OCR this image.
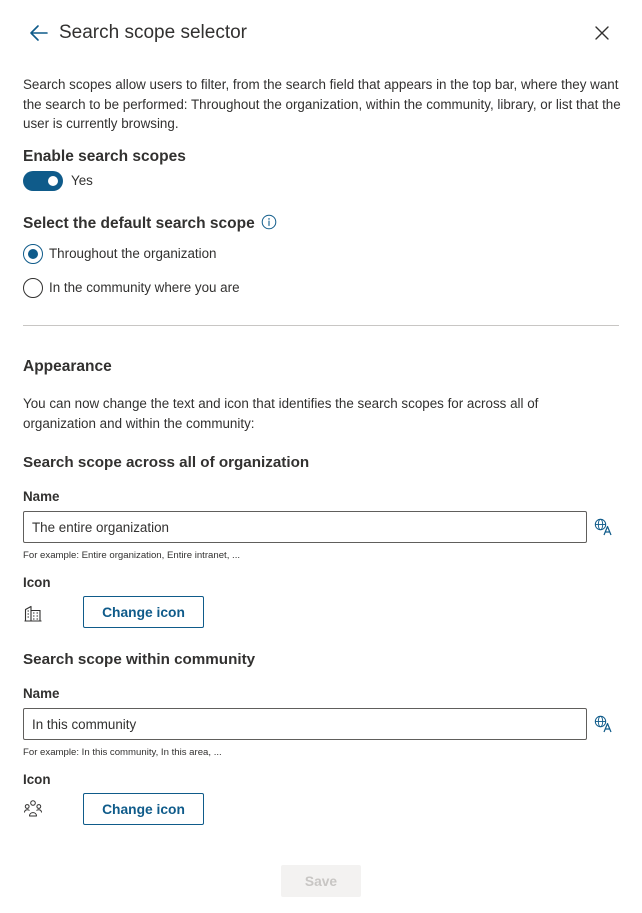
Search scope selector
Search scopes allow users to filter, from the search field that appears in the top bar, where they want the search to be performed: Throughout the organization, within the community, library, or list that the user is currently browsing.
Enable search scopes
Yes
Select the default search scope
Throughout the organization
In the community where you are
Appearance
You can now change the text and icon that identifies the search scopes for across all of organization and within the community:
Search scope across all of organization
Name
The entire organization
For example: Entire organization, Entire intranet, ...
Icon
Change icon
Search scope within community
Name
In this community
For example: In this community, In this area, ...
Icon
Change icon
Save
